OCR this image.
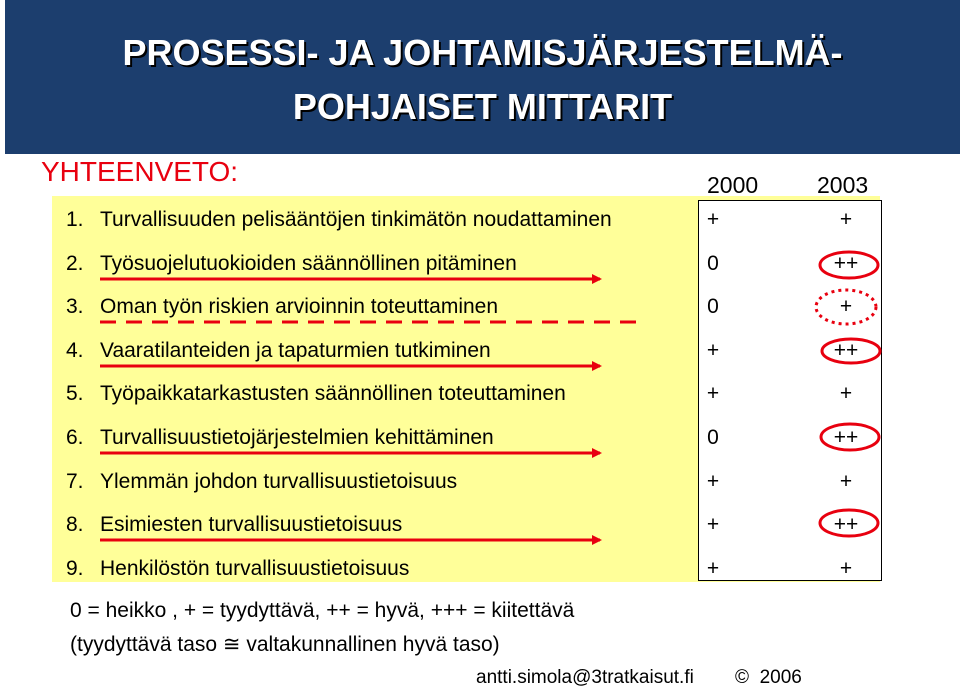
PROSESSI- JA JOHTAMISJÄRJESTELMÄ-
POHJAISET MITTARIT
YHTEENVETO:	2000	2003
1. Turvallisuuden pelisääntöjen tinkimätön noudattaminen	+	+
2. Työsuojelutuokioiden säännöllinen pitäminen	0	++
3. Oman työn riskien arvioinnin toteuttaminen	0	+
4. Vaaratilanteiden ja tapaturmien tutkiminen	+	++
5. Työpaikkatarkastusten säännöllinen toteuttaminen	+	+
6. Turvallisuustietojärjestelmien kehittäminen	0	++
7. Ylemmän johdon turvallisuustietoisuus	+	+
8. Esimiesten turvallisuustietoisuus	+	++
9. Henkilöstön turvallisuustietoisuus	+	+
0 = heikko , + = tyydyttävä, ++ = hyvä, +++ = kiitettävä
(tyydyttävä taso ≅ valtakunnallinen hyvä taso)
antti.simola@3tratkaisut.fi © 2006
